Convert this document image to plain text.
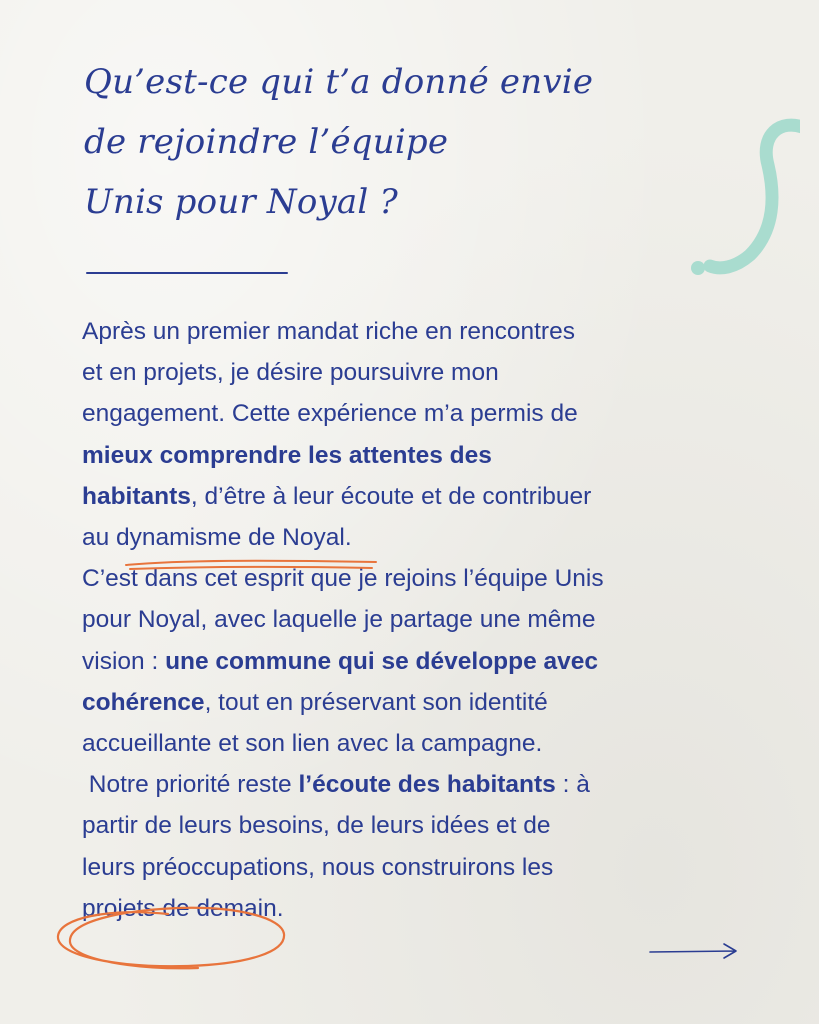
Qu’est-ce qui t’a donné envie
de rejoindre l’équipe
Unis pour Noyal ?
Après un premier mandat riche en rencontres
et en projets, je désire poursuivre mon
engagement. Cette expérience m’a permis de
mieux comprendre les attentes des
habitants, d’être à leur écoute et de contribuer
au dynamisme de Noyal.
C’est dans cet esprit que je rejoins l’équipe Unis
pour Noyal, avec laquelle je partage une même
vision : une commune qui se développe avec
cohérence, tout en préservant son identité
accueillante et son lien avec la campagne.
Notre priorité reste l’écoute des habitants : à
partir de leurs besoins, de leurs idées et de
leurs préoccupations, nous construirons les
projets de demain.
